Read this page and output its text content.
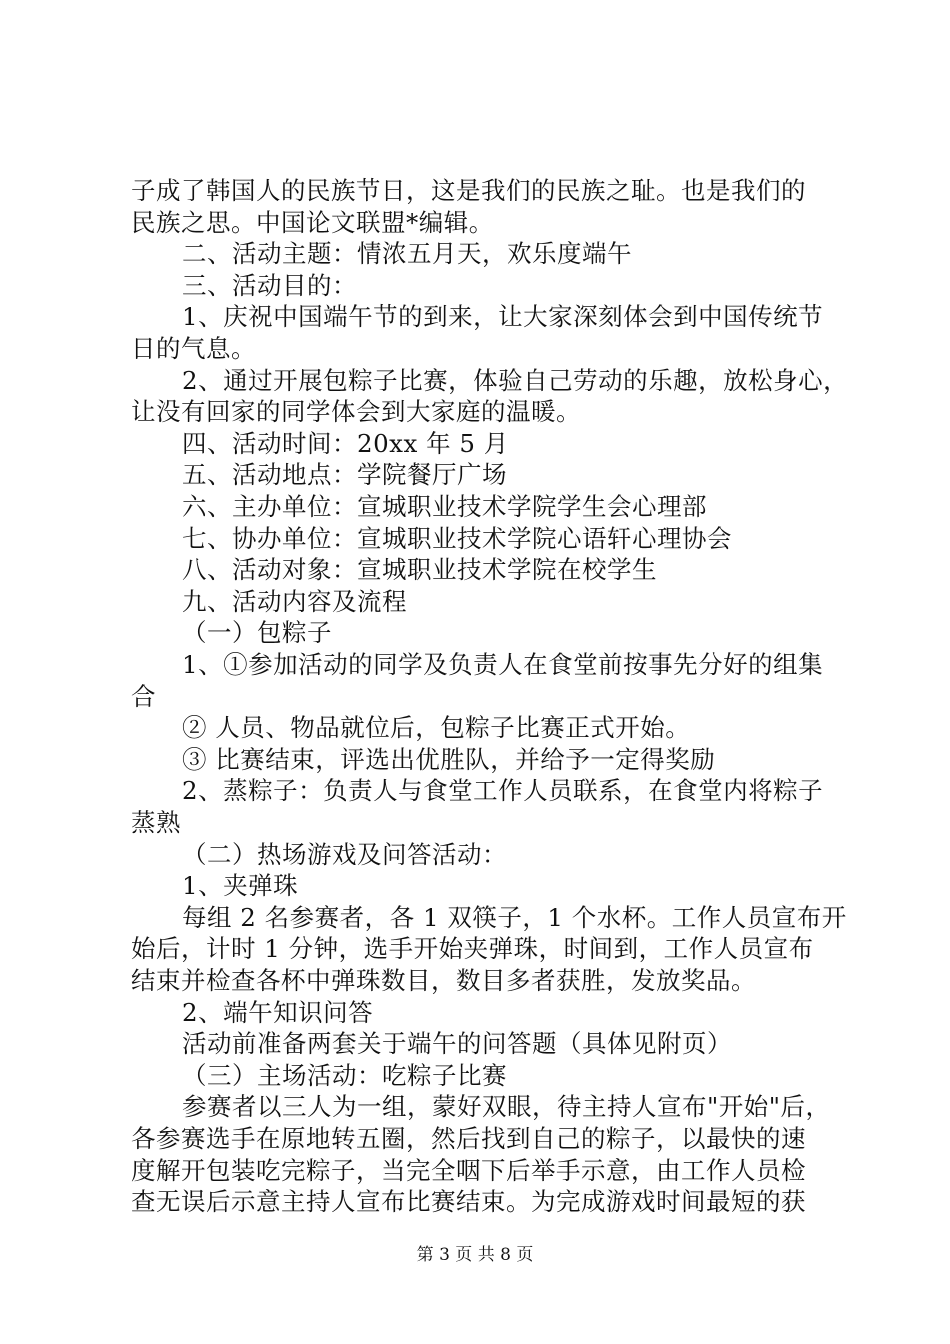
子成了韩国人的民族节日，这是我们的民族之耻。也是我们的
民族之思。中国论文联盟*编辑。
二、活动主题：情浓五月天，欢乐度端午
三、活动目的：
1、庆祝中国端午节的到来，让大家深刻体会到中国传统节
日的气息。
2、通过开展包粽子比赛，体验自己劳动的乐趣，放松身心，
让没有回家的同学体会到大家庭的温暖。
四、活动时间：20xx 年 5 月
五、活动地点：学院餐厅广场
六、主办单位：宣城职业技术学院学生会心理部
七、协办单位：宣城职业技术学院心语轩心理协会
八、活动对象：宣城职业技术学院在校学生
九、活动内容及流程
（一）包粽子
1、①参加活动的同学及负责人在食堂前按事先分好的组集
合
② 人员、物品就位后，包粽子比赛正式开始。
③ 比赛结束，评选出优胜队，并给予一定得奖励
2、蒸粽子：负责人与食堂工作人员联系，在食堂内将粽子
蒸熟
（二）热场游戏及问答活动：
1、夹弹珠
每组 2 名参赛者，各 1 双筷子，1 个水杯。工作人员宣布开
始后，计时 1 分钟，选手开始夹弹珠，时间到，工作人员宣布
结束并检查各杯中弹珠数目，数目多者获胜，发放奖品。
2、端午知识问答
活动前准备两套关于端午的问答题（具体见附页）
（三）主场活动：吃粽子比赛
参赛者以三人为一组，蒙好双眼，待主持人宣布"开始"后，
各参赛选手在原地转五圈，然后找到自己的粽子，以最快的速
度解开包装吃完粽子，当完全咽下后举手示意，由工作人员检
查无误后示意主持人宣布比赛结束。为完成游戏时间最短的获
第 3 页 共 8 页
